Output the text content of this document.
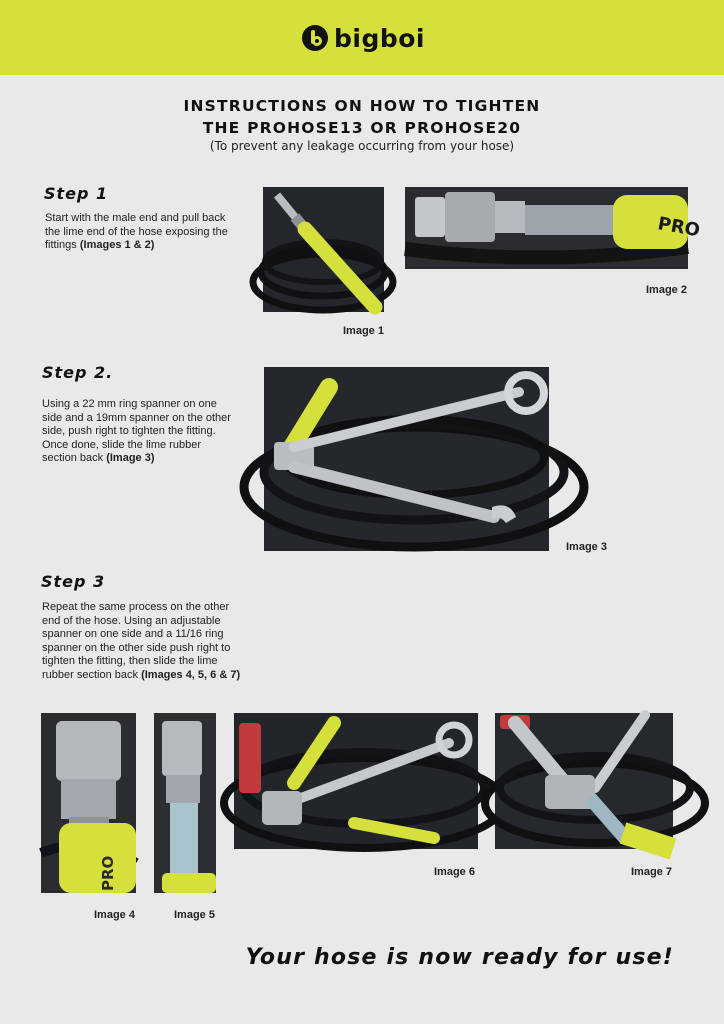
bigboi
INSTRUCTIONS ON HOW TO TIGHTEN
THE PROHOSE13 OR PROHOSE20
(To prevent any leakage occurring from your hose)
Step 1
Start with the male end and pull back the lime end of the hose exposing the fittings (Images 1 & 2)
Image 1
PRO
Image 2
Step 2.
Using a 22 mm ring spanner on one side and a 19mm spanner on the other side, push right to tighten the fitting. Once done, slide the lime rubber section back (Image 3)
Image 3
Step 3
Repeat the same process on the other end of the hose. Using an adjustable spanner on one side and a 11/16 ring spanner on the other side push right to tighten the fitting, then slide the lime rubber section back (Images 4, 5, 6 & 7)
PRO
Image 4	Image 5
Image 6	Image 7
Your hose is now ready for use!
